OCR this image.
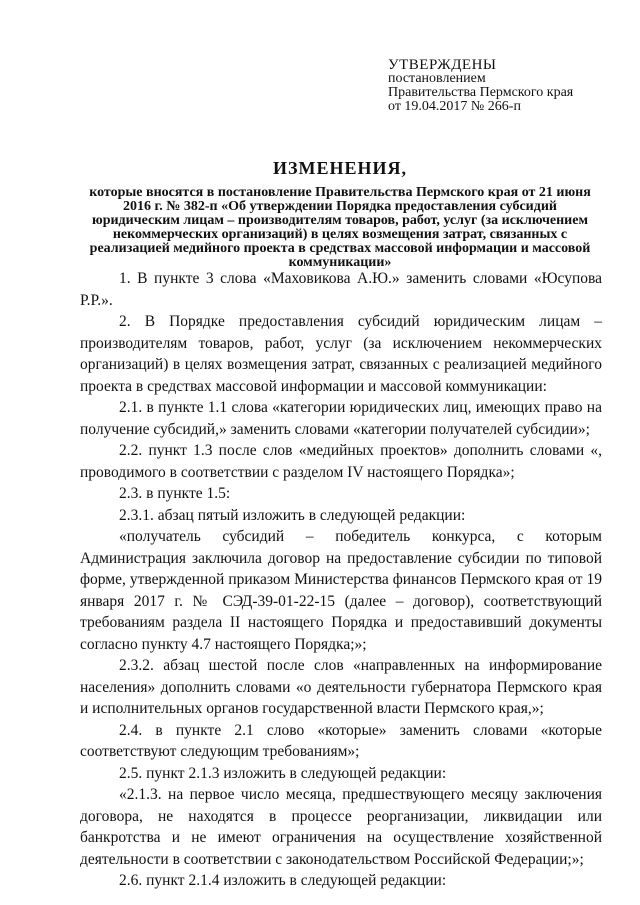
УТВЕРЖДЕНЫ
постановлением
Правительства Пермского края
от 19.04.2017 № 266-п
ИЗМЕНЕНИЯ,
которые вносятся в постановление Правительства Пермского края от 21 июня 2016 г. № 382-п «Об утверждении Порядка предоставления субсидий юридическим лицам – производителям товаров, работ, услуг (за исключением некоммерческих организаций) в целях возмещения затрат, связанных с реализацией медийного проекта в средствах массовой информации и массовой коммуникации»

1. В пункте 3 слова «Маховикова А.Ю.» заменить словами «Юсупова Р.Р.».

2. В Порядке предоставления субсидий юридическим лицам – производителям товаров, работ, услуг (за исключением некоммерческих организаций) в целях возмещения затрат, связанных с реализацией медийного проекта в средствах массовой информации и массовой коммуникации:

2.1. в пункте 1.1 слова «категории юридических лиц, имеющих право на получение субсидий,» заменить словами «категории получателей субсидии»;

2.2. пункт 1.3 после слов «медийных проектов» дополнить словами «, проводимого в соответствии с разделом IV настоящего Порядка»;

2.3. в пункте 1.5:

2.3.1. абзац пятый изложить в следующей редакции:

«получатель субсидий – победитель конкурса, с которым Администрация заключила договор на предоставление субсидии по типовой форме, утвержденной приказом Министерства финансов Пермского края от 19 января 2017 г. № СЭД-39-01-22-15 (далее – договор), соответствующий требованиям раздела II настоящего Порядка и предоставивший документы согласно пункту 4.7 настоящего Порядка;»;

2.3.2. абзац шестой после слов «направленных на информирование населения» дополнить словами «о деятельности губернатора Пермского края и исполнительных органов государственной власти Пермского края,»;

2.4. в пункте 2.1 слово «которые» заменить словами «которые соответствуют следующим требованиям»;

2.5. пункт 2.1.3 изложить в следующей редакции:

«2.1.3. на первое число месяца, предшествующего месяцу заключения договора, не находятся в процессе реорганизации, ликвидации или банкротства и не имеют ограничения на осуществление хозяйственной деятельности в соответствии с законодательством Российской Федерации;»;

2.6. пункт 2.1.4 изложить в следующей редакции:
